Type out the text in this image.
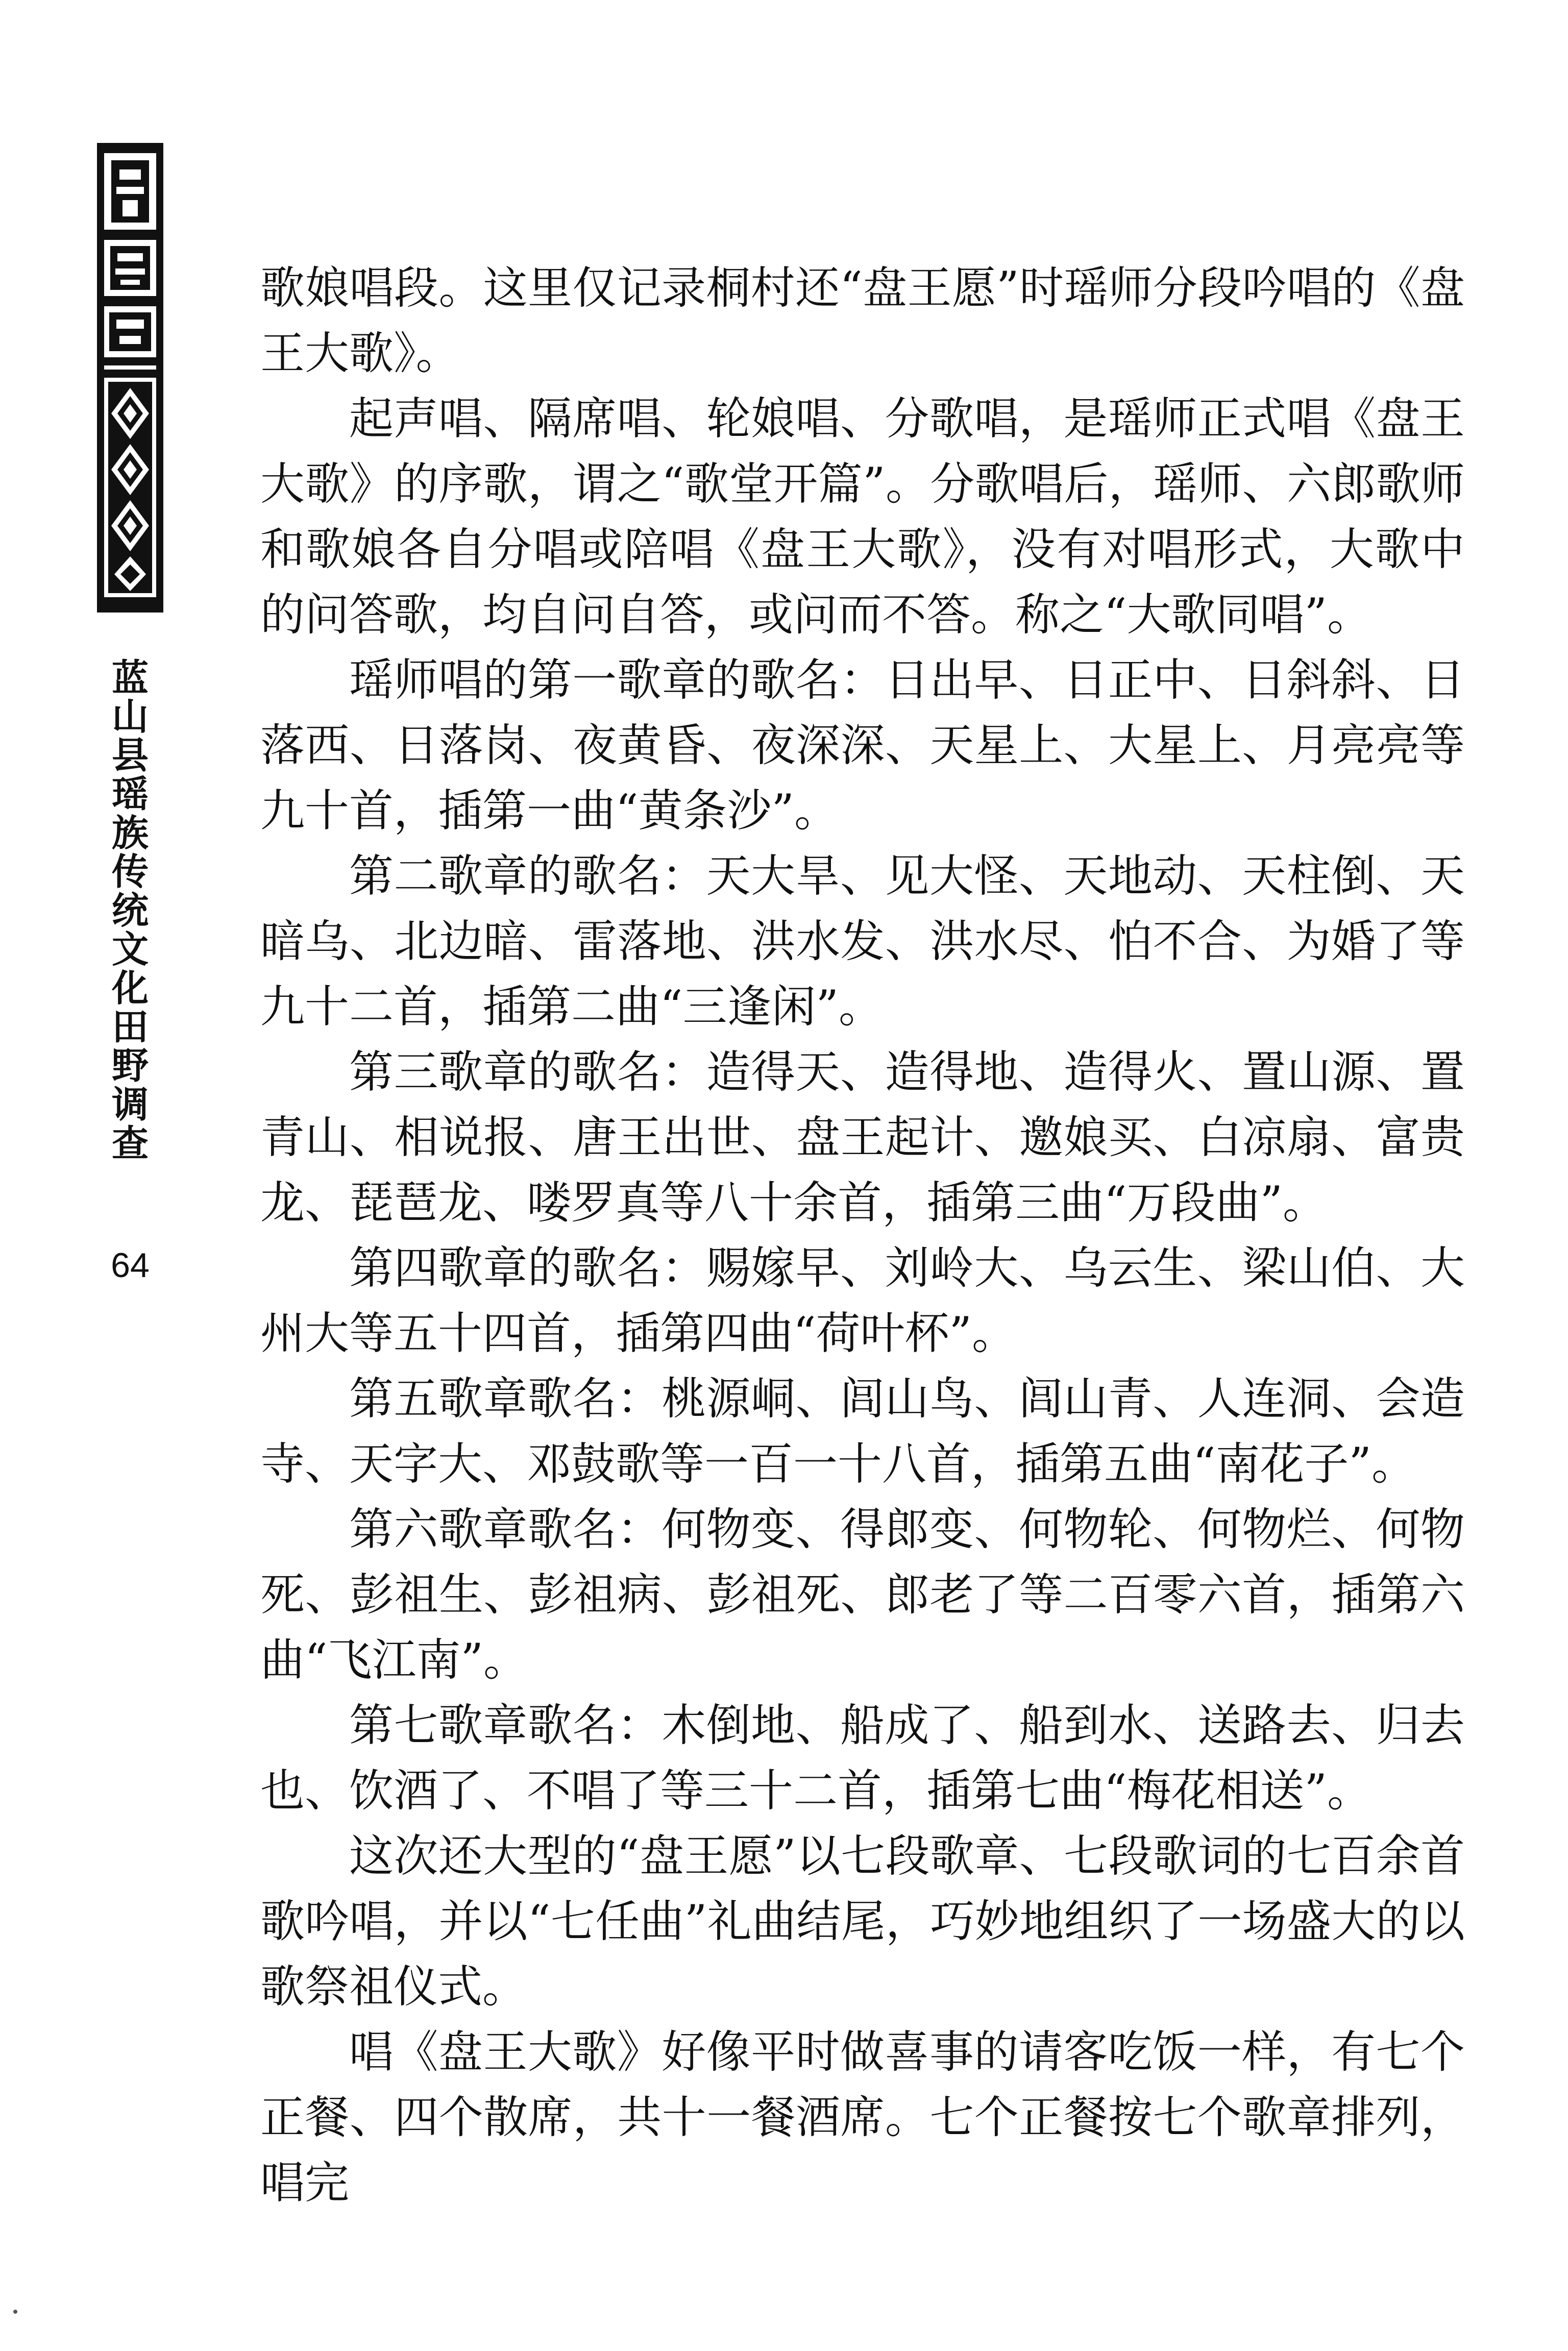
蓝
山
县
瑶
族
传
统
文
化
田
野
调
查
64

歌娘唱段。这里仅记录桐村还“盘王愿”时瑶师分段吟唱的《盘王大歌》。

起声唱、隔席唱、轮娘唱、分歌唱，是瑶师正式唱《盘王大歌》的序歌，谓之“歌堂开篇”。分歌唱后，瑶师、六郎歌师和歌娘各自分唱或陪唱《盘王大歌》，没有对唱形式，大歌中的问答歌，均自问自答，或问而不答。称之“大歌同唱”。

瑶师唱的第一歌章的歌名：日出早、日正中、日斜斜、日落西、日落岗、夜黄昏、夜深深、天星上、大星上、月亮亮等九十首，插第一曲“黄条沙”。

第二歌章的歌名：天大旱、见大怪、天地动、天柱倒、天暗乌、北边暗、雷落地、洪水发、洪水尽、怕不合、为婚了等九十二首，插第二曲“三逢闲”。

第三歌章的歌名：造得天、造得地、造得火、置山源、置青山、相说报、唐王出世、盘王起计、邀娘买、白凉扇、富贵龙、琵琶龙、喽罗真等八十余首，插第三曲“万段曲”。

第四歌章的歌名：赐嫁早、刘岭大、乌云生、梁山伯、大州大等五十四首，插第四曲“荷叶杯”。

第五歌章歌名：桃源峒、闾山鸟、闾山青、人连洞、会造寺、天字大、邓鼓歌等一百一十八首，插第五曲“南花子”。

第六歌章歌名：何物变、得郎变、何物轮、何物烂、何物死、彭祖生、彭祖病、彭祖死、郎老了等二百零六首，插第六曲“飞江南”。

第七歌章歌名：木倒地、船成了、船到水、送路去、归去也、饮酒了、不唱了等三十二首，插第七曲“梅花相送”。

这次还大型的“盘王愿”以七段歌章、七段歌词的七百余首歌吟唱，并以“七任曲”礼曲结尾，巧妙地组织了一场盛大的以歌祭祖仪式。

唱《盘王大歌》好像平时做喜事的请客吃饭一样，有七个正餐、四个散席，共十一餐酒席。七个正餐按七个歌章排列，唱完
